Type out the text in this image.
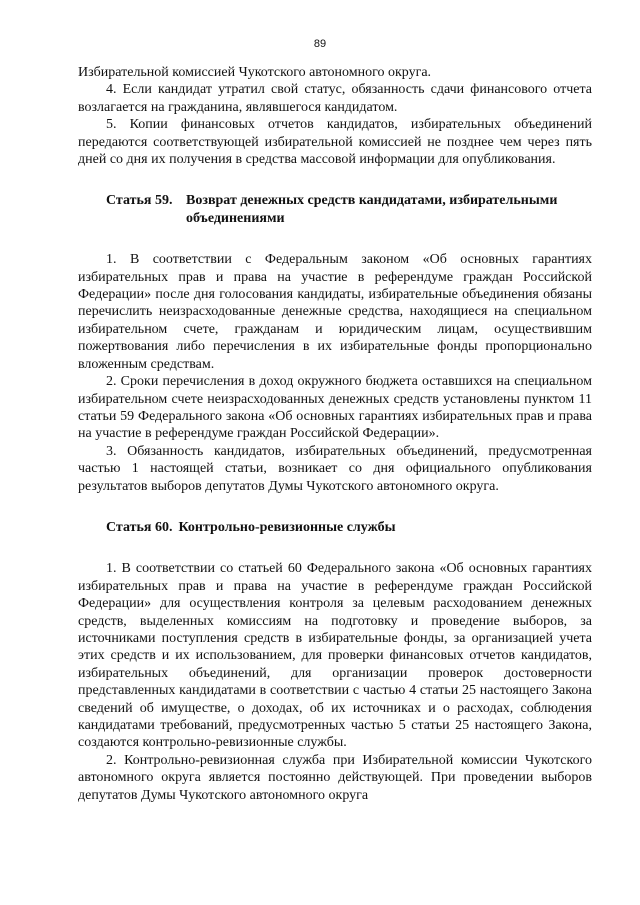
89

Избирательной комиссией Чукотского автономного округа.

4. Если кандидат утратил свой статус, обязанность сдачи финансового отчета возлагается на гражданина, являвшегося кандидатом.

5. Копии финансовых отчетов кандидатов, избирательных объединений передаются соответствующей избирательной комиссией не позднее чем через пять дней со дня их получения в средства массовой информации для опубликования.

Статья 59. Возврат денежных средств кандидатами, избирательными объединениями

1. В соответствии с Федеральным законом «Об основных гарантиях избирательных прав и права на участие в референдуме граждан Российской Федерации» после дня голосования кандидаты, избирательные объединения обязаны перечислить неизрасходованные денежные средства, находящиеся на специальном избирательном счете, гражданам и юридическим лицам, осуществившим пожертвования либо перечисления в их избирательные фонды пропорционально вложенным средствам.

2. Сроки перечисления в доход окружного бюджета оставшихся на специальном избирательном счете неизрасходованных денежных средств установлены пунктом 11 статьи 59 Федерального закона «Об основных гарантиях избирательных прав и права на участие в референдуме граждан Российской Федерации».

3. Обязанность кандидатов, избирательных объединений, предусмотренная частью 1 настоящей статьи, возникает со дня официального опубликования результатов выборов депутатов Думы Чукотского автономного округа.

Статья 60. Контрольно-ревизионные службы

1. В соответствии со статьей 60 Федерального закона «Об основных гарантиях избирательных прав и права на участие в референдуме граждан Российской Федерации» для осуществления контроля за целевым расходованием денежных средств, выделенных комиссиям на подготовку и проведение выборов, за источниками поступления средств в избирательные фонды, за организацией учета этих средств и их использованием, для проверки финансовых отчетов кандидатов, избирательных объединений, для организации проверок достоверности представленных кандидатами в соответствии с частью 4 статьи 25 настоящего Закона сведений об имуществе, о доходах, об их источниках и о расходах, соблюдения кандидатами требований, предусмотренных частью 5 статьи 25 настоящего Закона, создаются контрольно-ревизионные службы.

2. Контрольно-ревизионная служба при Избирательной комиссии Чукотского автономного округа является постоянно действующей. При проведении выборов депутатов Думы Чукотского автономного округа
